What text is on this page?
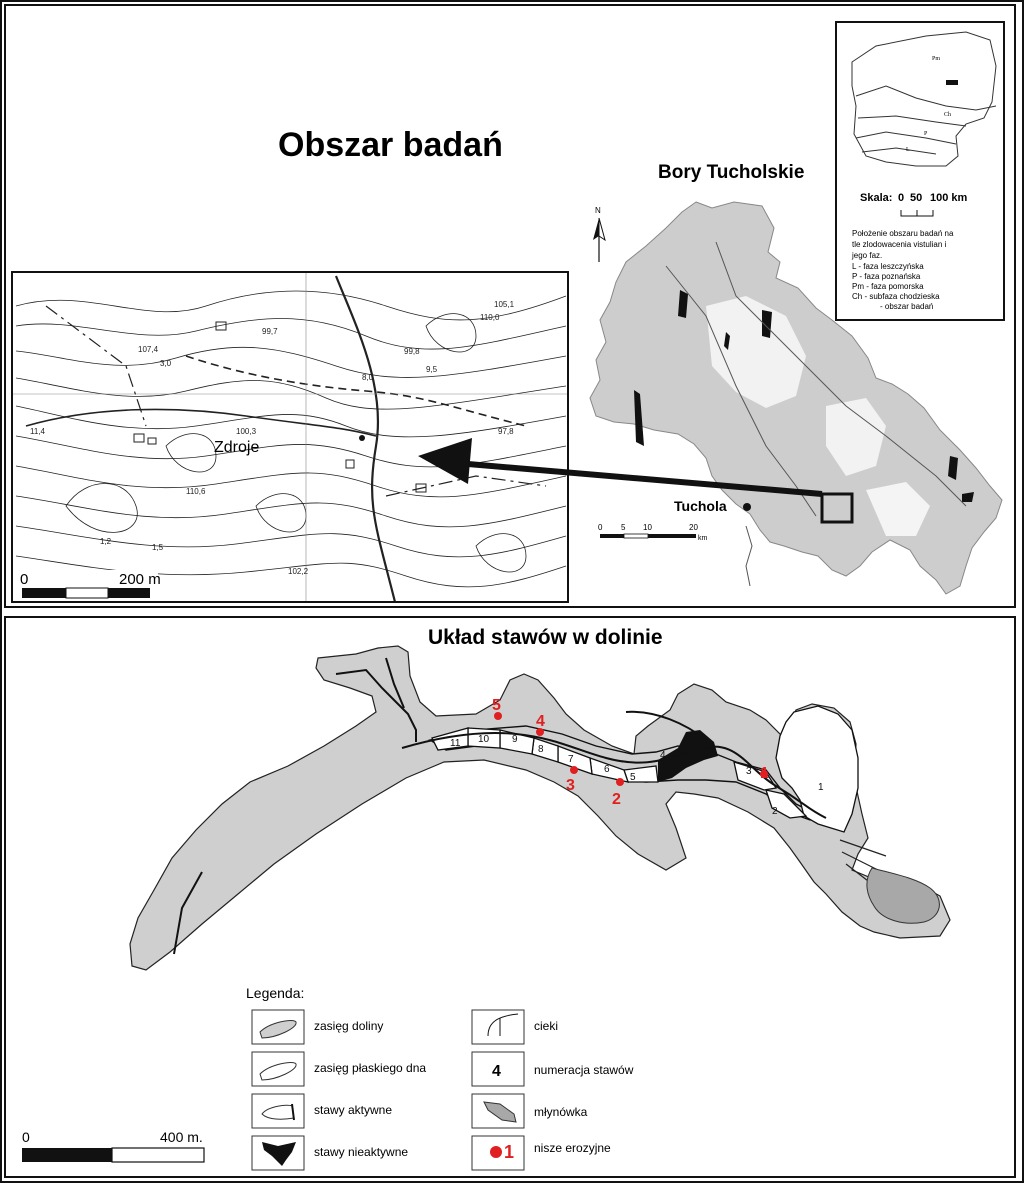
Obszar badań
Bory Tucholskie
N
Tuchola
0 5 10	20
km
Pm
Ch
P
L
Skala: 0 50 100 km
Położenie obszaru badań na
tle zlodowacenia vistulian i
jego faz.
L - faza leszczyńska
P - faza poznańska
Pm - faza pomorska
Ch - subfaza chodzieska
- obszar badań
Zdroje
105,1
99,7
99,8
107,4
9,5
110,0
110,6
100,3
102,2
3,0
8,0
97,8
11,4
1,2
1,5
0	200 m
Układ stawów w dolinie
1
2
3
4
5
6
7
8
9
10
11
1
2
3
4
5
Legenda:
zasięg doliny
zasięg płaskiego dna
stawy aktywne
stawy nieaktywne
cieki
4	numeracja stawów
młynówka
1 nisze erozyjne
0	400 m.
